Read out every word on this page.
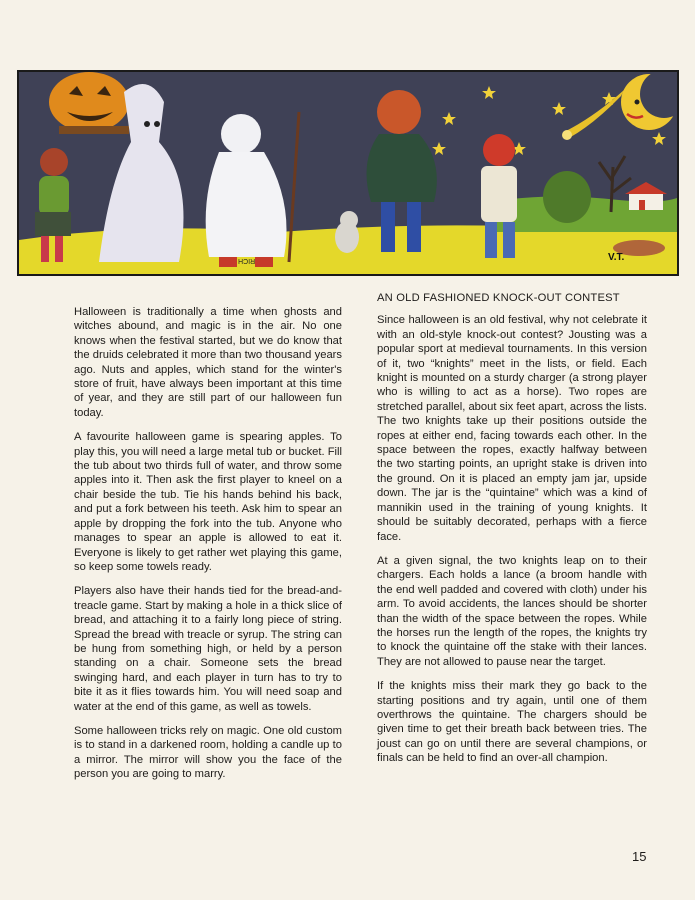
RICH	V.T.

Halloween is traditionally a time when ghosts and witches abound, and magic is in the air. No one knows when the festival started, but we do know that the druids celebrated it more than two thousand years ago. Nuts and apples, which stand for the winter's store of fruit, have always been important at this time of year, and they are still part of our halloween fun today.

A favourite halloween game is spearing apples. To play this, you will need a large metal tub or bucket. Fill the tub about two thirds full of water, and throw some apples into it. Then ask the first player to kneel on a chair beside the tub. Tie his hands behind his back, and put a fork between his teeth. Ask him to spear an apple by dropping the fork into the tub. Anyone who manages to spear an apple is allowed to eat it. Everyone is likely to get rather wet playing this game, so keep some towels ready.

Players also have their hands tied for the bread-and-treacle game. Start by making a hole in a thick slice of bread, and attaching it to a fairly long piece of string. Spread the bread with treacle or syrup. The string can be hung from something high, or held by a person standing on a chair. Someone sets the bread swinging hard, and each player in turn has to try to bite it as it flies towards him. You will need soap and water at the end of this game, as well as towels.

Some halloween tricks rely on magic. One old custom is to stand in a darkened room, holding a candle up to a mirror. The mirror will show you the face of the person you are going to marry.

AN OLD FASHIONED KNOCK-OUT CONTEST

Since halloween is an old festival, why not celebrate it with an old-style knock-out contest? Jousting was a popular sport at medieval tournaments. In this version of it, two “knights” meet in the lists, or field. Each knight is mounted on a sturdy charger (a strong player who is willing to act as a horse). Two ropes are stretched parallel, about six feet apart, across the lists. The two knights take up their positions outside the ropes at either end, facing towards each other. In the space between the ropes, exactly halfway between the two starting points, an upright stake is driven into the ground. On it is placed an empty jam jar, upside down. The jar is the “quintaine” which was a kind of mannikin used in the training of young knights. It should be suitably decorated, perhaps with a fierce face.

At a given signal, the two knights leap on to their chargers. Each holds a lance (a broom handle with the end well padded and covered with cloth) under his arm. To avoid accidents, the lances should be shorter than the width of the space between the ropes. While the horses run the length of the ropes, the knights try to knock the quintaine off the stake with their lances. They are not allowed to pause near the target.

If the knights miss their mark they go back to the starting positions and try again, until one of them overthrows the quintaine. The chargers should be given time to get their breath back between tries. The joust can go on until there are several champions, or finals can be held to find an over-all champion.

15
